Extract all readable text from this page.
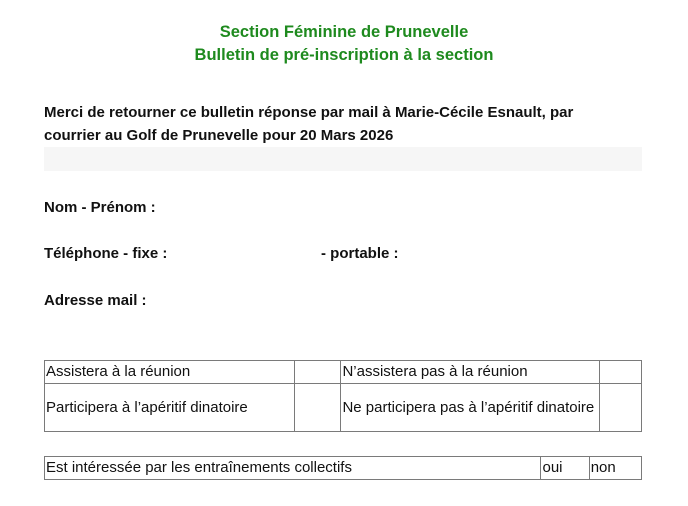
Section Féminine de Prunevelle
Bulletin de pré-inscription à la section
Merci de retourner ce bulletin réponse par mail à Marie-Cécile Esnault, par
courrier au Golf de Prunevelle pour 20 Mars 2026
Nom - Prénom :
Téléphone - fixe :	- portable :
Adresse mail :
Assistera à la réunion		N’assistera pas à la réunion	
Participera à l’apéritif dinatoire		Ne participera pas à l’apéritif dinatoire	
Est intéressée par les entraînements collectifs	oui	non
